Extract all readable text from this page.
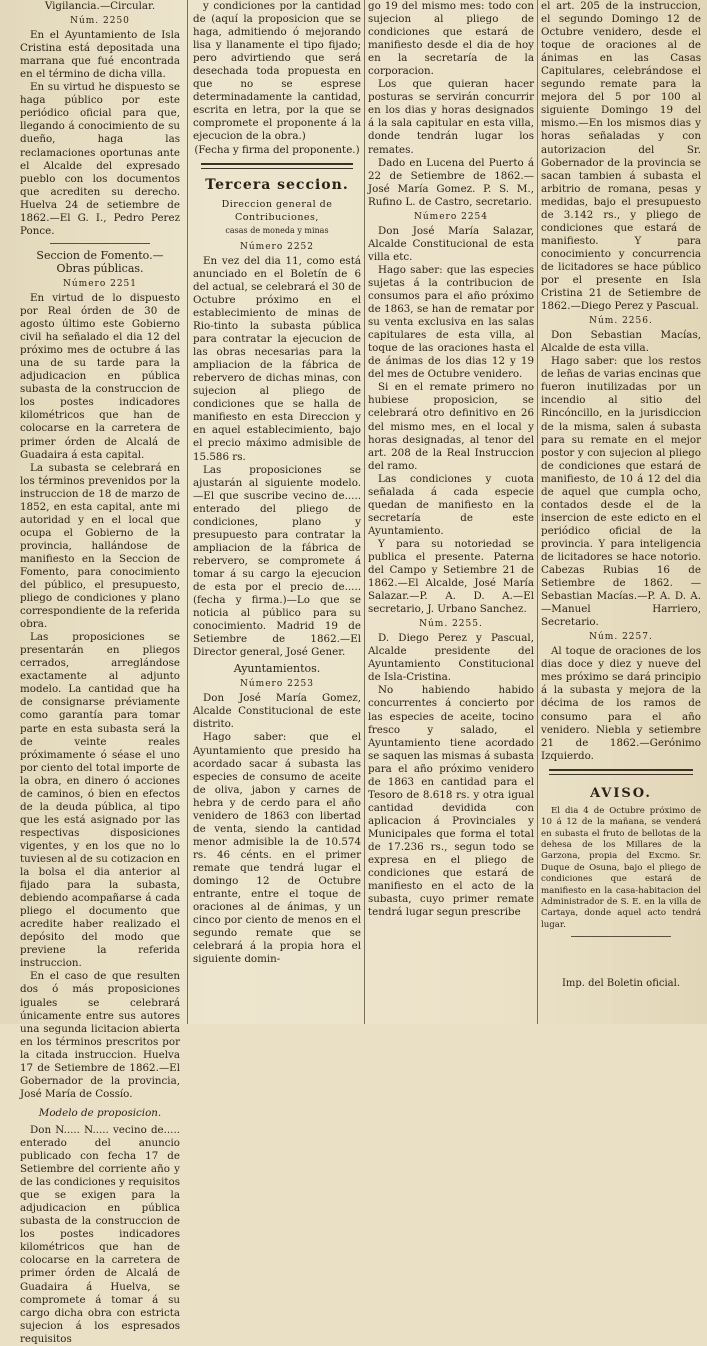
Vigilancia.—Circular.

Núm. 2250

En el Ayuntamiento de Isla Cristina está depositada una marrana que fué encontrada en el término de dicha villa.

En su virtud he dispuesto se haga público por este periódico oficial para que, llegando á conocimiento de su dueño, haga las reclamaciones oportunas ante el Alcalde del expresado pueblo con los documentos que acrediten su derecho. Huelva 24 de setiembre de 1862.—El G. I., Pedro Perez Ponce.

Seccion de Fomento.—Obras públicas.

Número 2251

En virtud de lo dispuesto por Real órden de 30 de agosto último este Gobierno civil ha señalado el dia 12 del próximo mes de octubre á las una de su tarde para la adjudicacion en pública subasta de la construccion de los postes indicadores kilométricos que han de colocarse en la carretera de primer órden de Alcalá de Guadaira á esta capital.

La subasta se celebrará en los términos prevenidos por la instruccion de 18 de marzo de 1852, en esta capital, ante mi autoridad y en el local que ocupa el Gobierno de la provincia, hallándose de manifiesto en la Seccion de Fomento, para conocimiento del público, el presupuesto, pliego de condiciones y plano correspondiente de la referida obra.

Las proposiciones se presentarán en pliegos cerrados, arreglándose exactamente al adjunto modelo. La cantidad que ha de consignarse préviamente como garantía para tomar parte en esta subasta será la de veinte reales próximamente ó séase el uno por ciento del total importe de la obra, en dinero ó acciones de caminos, ó bien en efectos de la deuda pública, al tipo que les está asignado por las respectivas disposiciones vigentes, y en los que no lo tuviesen al de su cotizacion en la bolsa el dia anterior al fijado para la subasta, debiendo acompañarse á cada pliego el documento que acredite haber realizado el depósito del modo que previene la referida instruccion.

En el caso de que resulten dos ó más proposiciones iguales se celebrará únicamente entre sus autores una segunda licitacion abierta en los términos prescritos por la citada instruccion. Huelva 17 de Setiembre de 1862.—El Gobernador de la provincia, José María de Cossío.

Modelo de proposicion.

Don N..... N..... vecino de..... enterado del anuncio publicado con fecha 17 de Setiembre del corriente año y de las condiciones y requisitos que se exigen para la adjudicacion en pública subasta de la construccion de los postes indicadores kilométricos que han de colocarse en la carretera de primer órden de Alcalá de Guadaira á Huelva, se compromete á tomar á su cargo dicha obra con estricta sujecion á los espresados requisitos

y condiciones por la cantidad de (aquí la proposicion que se haga, admitiendo ó mejorando lisa y llanamente el tipo fijado; pero advirtiendo que será desechada toda propuesta en que no se esprese determinadamente la cantidad, escrita en letra, por la que se compromete el proponente á la ejecucion de la obra.)

(Fecha y firma del proponente.)

Tercera seccion.

Direccion general de Contribuciones,

casas de moneda y minas

Número 2252

En vez del dia 11, como está anunciado en el Boletín de 6 del actual, se celebrará el 30 de Octubre próximo en el establecimiento de minas de Rio-tinto la subasta pública para contratar la ejecucion de las obras necesarias para la ampliacion de la fábrica de rebervero de dichas minas, con sujecion al pliego de condiciones que se halla de manifiesto en esta Direccion y en aquel establecimiento, bajo el precio máximo admisible de 15.586 rs.

Las proposiciones se ajustarán al siguiente modelo.—El que suscribe vecino de..... enterado del pliego de condiciones, plano y presupuesto para contratar la ampliacion de la fábrica de rebervero, se compromete á tomar á su cargo la ejecucion de esta por el precio de..... (fecha y firma.)—Lo que se noticia al público para su conocimiento. Madrid 19 de Setiembre de 1862.—El Director general, José Gener.

Ayuntamientos.

Número 2253

Don José María Gomez, Alcalde Constitucional de este distrito.

Hago saber: que el Ayuntamiento que presido ha acordado sacar á subasta las especies de consumo de aceite de oliva, jabon y carnes de hebra y de cerdo para el año venidero de 1863 con libertad de venta, siendo la cantidad menor admisible la de 10.574 rs. 46 cénts. en el primer remate que tendrá lugar el domingo 12 de Octubre entrante, entre el toque de oraciones al de ánimas, y un cinco por ciento de menos en el segundo remate que se celebrará á la propia hora el siguiente domin-

go 19 del mismo mes: todo con sujecion al pliego de condiciones que estará de manifiesto desde el dia de hoy en la secretaría de la corporacion.

Los que quieran hacer posturas se servirán concurrir en los dias y horas designados á la sala capitular en esta villa, donde tendrán lugar los remates.

Dado en Lucena del Puerto á 22 de Setiembre de 1862.—José María Gomez. P. S. M., Rufino L. de Castro, secretario.

Número 2254

Don José María Salazar, Alcalde Constitucional de esta villa etc.

Hago saber: que las especies sujetas á la contribucion de consumos para el año próximo de 1863, se han de rematar por su venta exclusiva en las salas capitulares de esta villa, al toque de las oraciones hasta el de ánimas de los dias 12 y 19 del mes de Octubre venidero.

Si en el remate primero no hubiese proposicion, se celebrará otro definitivo en 26 del mismo mes, en el local y horas designadas, al tenor del art. 208 de la Real Instruccion del ramo.

Las condiciones y cuota señalada á cada especie quedan de manifiesto en la secretaría de este Ayuntamiento.

Y para su notoriedad se publica el presente. Paterna del Campo y Setiembre 21 de 1862.—El Alcalde, José María Salazar.—P. A. D. A.—El secretario, J. Urbano Sanchez.

Núm. 2255.

D. Diego Perez y Pascual, Alcalde presidente del Ayuntamiento Constitucional de Isla-Cristina.

No habiendo habido concurrentes á concierto por las especies de aceite, tocino fresco y salado, el Ayuntamiento tiene acordado se saquen las mismas á subasta para el año próximo venidero de 1863 en cantidad para el Tesoro de 8.618 rs. y otra igual cantidad devidida con aplicacion á Provinciales y Municipales que forma el total de 17.236 rs., segun todo se expresa en el pliego de condiciones que estará de manifiesto en el acto de la subasta, cuyo primer remate tendrá lugar segun prescribe

el art. 205 de la instruccion, el segundo Domingo 12 de Octubre venidero, desde el toque de oraciones al de ánimas en las Casas Capitulares, celebrándose el segundo remate para la mejora del 5 por 100 al siguiente Domingo 19 del mismo.—En los mismos dias y horas señaladas y con autorizacion del Sr. Gobernador de la provincia se sacan tambien á subasta el arbitrio de romana, pesas y medidas, bajo el presupuesto de 3.142 rs., y pliego de condiciones que estará de manifiesto. Y para conocimiento y concurrencia de licitadores se hace público por el presente en Isla Cristina 21 de Setiembre de 1862.—Diego Perez y Pascual.

Núm. 2256.

Don Sebastian Macías, Alcalde de esta villa.

Hago saber: que los restos de leñas de varias encinas que fueron inutilizadas por un incendio al sitio del Rincóncillo, en la jurisdiccion de la misma, salen á subasta para su remate en el mejor postor y con sujecion al pliego de condiciones que estará de manifiesto, de 10 á 12 del dia de aquel que cumpla ocho, contados desde el de la insercion de este edicto en el periódico oficial de la provincia. Y para inteligencia de licitadores se hace notorio. Cabezas Rubias 16 de Setiembre de 1862. —Sebastian Macías.—P. A. D. A.—Manuel Harriero, Secretario.

Núm. 2257.

Al toque de oraciones de los dias doce y diez y nueve del mes próximo se dará principio á la subasta y mejora de la décima de los ramos de consumo para el año venidero. Niebla y setiembre 21 de 1862.—Gerónimo Izquierdo.

AVISO.

El dia 4 de Octubre próximo de 10 á 12 de la mañana, se venderá en subasta el fruto de bellotas de la dehesa de los Millares de la Garzona, propia del Excmo. Sr. Duque de Osuna, bajo el pliego de condiciones que estará de manifiesto en la casa-habitacion del Administrador de S. E. en la villa de Cartaya, donde aquel acto tendrá lugar.

Imp. del Boletin oficial.
